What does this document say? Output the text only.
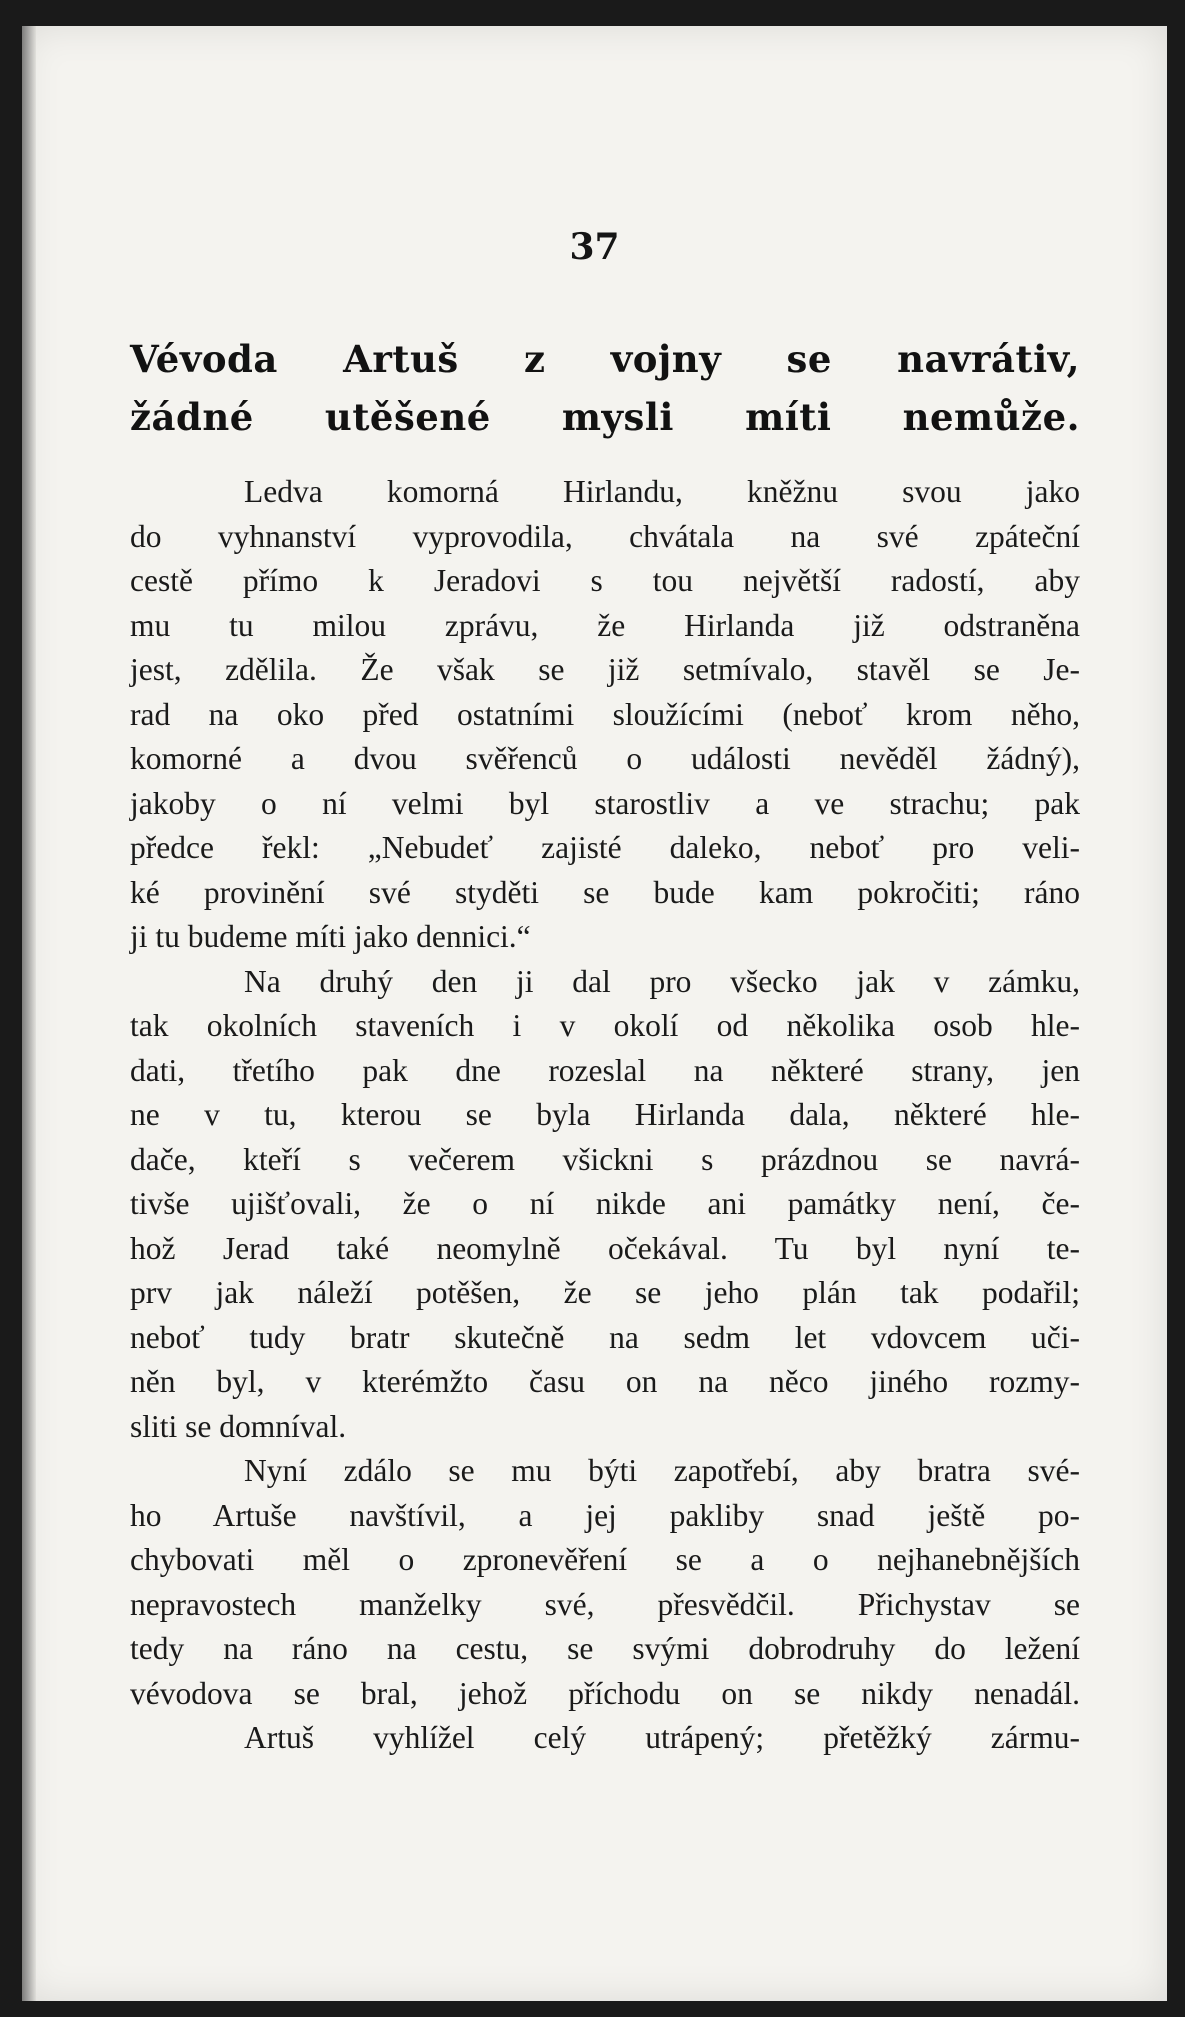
37
Vévoda Artuš z vojny se navrátiv,
žádné utěšené mysli míti nemůže.
Ledva komorná Hirlandu, kněžnu svou jako
do vyhnanství vyprovodila, chvátala na své zpáteční
cestě přímo k Jeradovi s tou největší radostí, aby
mu tu milou zprávu, že Hirlanda již odstraněna
jest, zdělila. Že však se již setmívalo, stavěl se Je-
rad na oko před ostatními sloužícími (neboť krom něho,
komorné a dvou svěřenců o události nevěděl žádný),
jakoby o ní velmi byl starostliv a ve strachu; pak
předce řekl: „Nebudeť zajisté daleko, neboť pro veli-
ké provinění své styděti se bude kam pokročiti; ráno
ji tu budeme míti jako dennici.“
Na druhý den ji dal pro všecko jak v zámku,
tak okolních staveních i v okolí od několika osob hle-
dati, třetího pak dne rozeslal na některé strany, jen
ne v tu, kterou se byla Hirlanda dala, některé hle-
dače, kteří s večerem všickni s prázdnou se navrá-
tivše ujišťovali, že o ní nikde ani památky není, če-
hož Jerad také neomylně očekával. Tu byl nyní te-
prv jak náleží potěšen, že se jeho plán tak podařil;
neboť tudy bratr skutečně na sedm let vdovcem uči-
něn byl, v kterémžto času on na něco jiného rozmy-
sliti se domníval.
Nyní zdálo se mu býti zapotřebí, aby bratra své-
ho Artuše navštívil, a jej pakliby snad ještě po-
chybovati měl o zpronevěření se a o nejhanebnějších
nepravostech manželky své, přesvědčil. Přichystav se
tedy na ráno na cestu, se svými dobrodruhy do ležení
vévodova se bral, jehož příchodu on se nikdy nenadál.
Artuš vyhlížel celý utrápený; přetěžký zármu-
